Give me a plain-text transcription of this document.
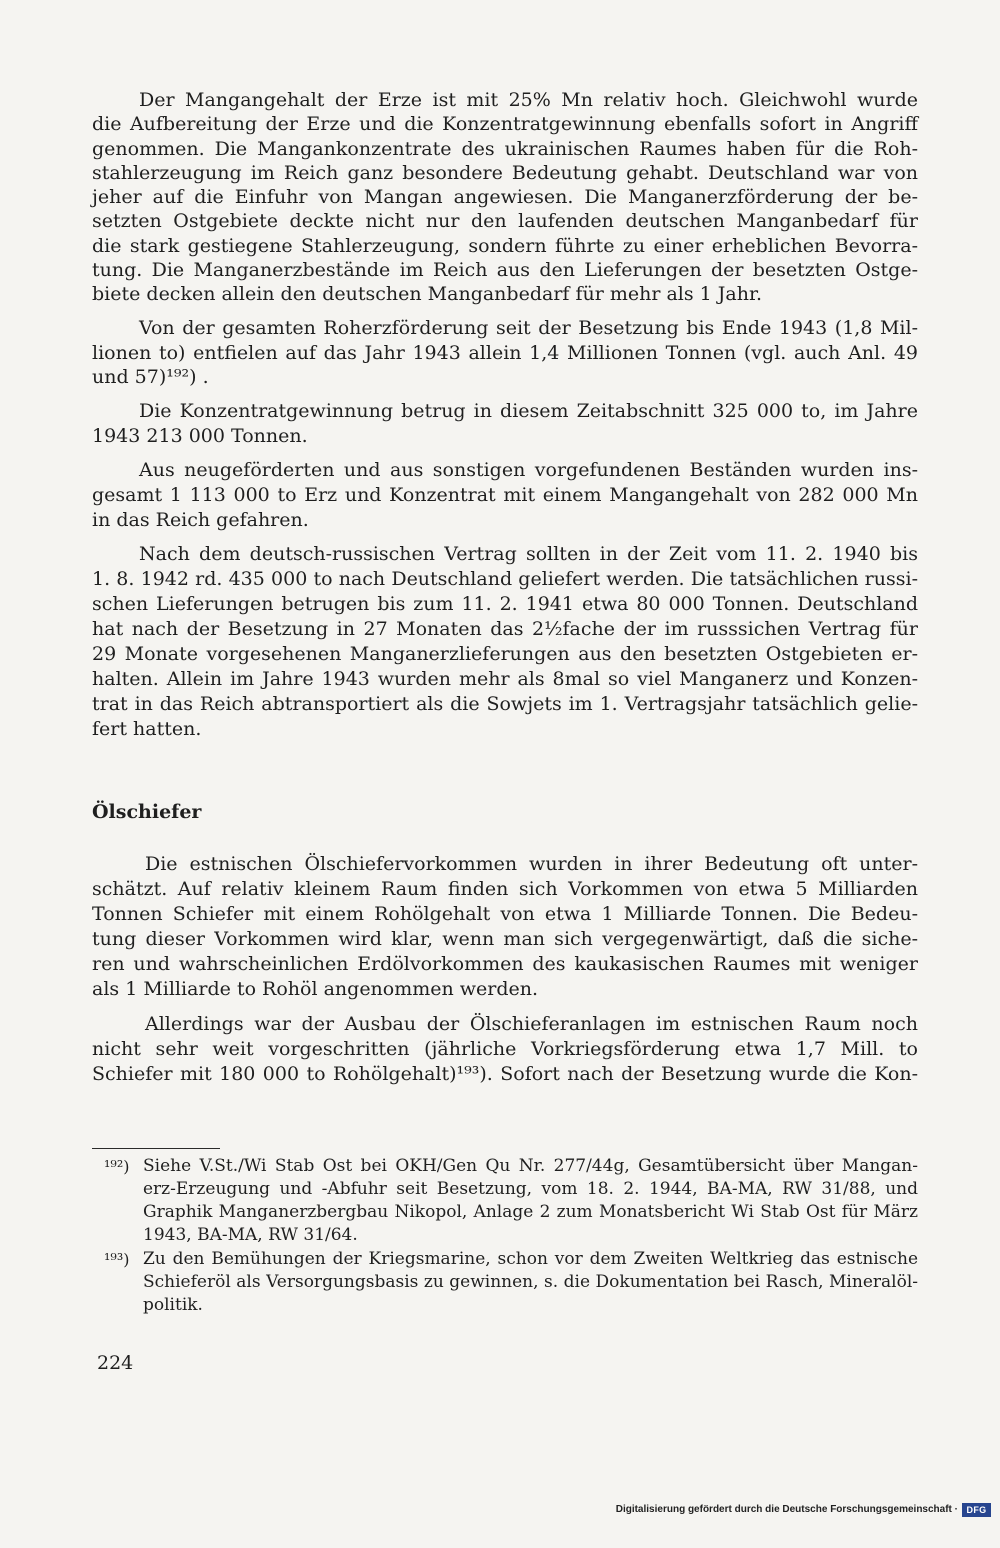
Der Mangangehalt der Erze ist mit 25% Mn relativ hoch. Gleichwohl wurde
die Aufbereitung der Erze und die Konzentratgewinnung ebenfalls sofort in Angriff
genommen. Die Mangankonzentrate des ukrainischen Raumes haben für die Roh-
stahlerzeugung im Reich ganz besondere Bedeutung gehabt. Deutschland war von
jeher auf die Einfuhr von Mangan angewiesen. Die Manganerzförderung der be-
setzten Ostgebiete deckte nicht nur den laufenden deutschen Manganbedarf für
die stark gestiegene Stahlerzeugung, sondern führte zu einer erheblichen Bevorra-
tung. Die Manganerzbestände im Reich aus den Lieferungen der besetzten Ostge-
biete decken allein den deutschen Manganbedarf für mehr als 1 Jahr.
Von der gesamten Roherzförderung seit der Besetzung bis Ende 1943 (1,8 Mil-
lionen to) entfielen auf das Jahr 1943 allein 1,4 Millionen Tonnen (vgl. auch Anl. 49
und 57)¹⁹²) .
Die Konzentratgewinnung betrug in diesem Zeitabschnitt 325 000 to, im Jahre
1943 213 000 Tonnen.
Aus neugeförderten und aus sonstigen vorgefundenen Beständen wurden ins-
gesamt 1 113 000 to Erz und Konzentrat mit einem Mangangehalt von 282 000 Mn
in das Reich gefahren.
Nach dem deutsch-russischen Vertrag sollten in der Zeit vom 11. 2. 1940 bis
1. 8. 1942 rd. 435 000 to nach Deutschland geliefert werden. Die tatsächlichen russi-
schen Lieferungen betrugen bis zum 11. 2. 1941 etwa 80 000 Tonnen. Deutschland
hat nach der Besetzung in 27 Monaten das 2½fache der im russsichen Vertrag für
29 Monate vorgesehenen Manganerzlieferungen aus den besetzten Ostgebieten er-
halten. Allein im Jahre 1943 wurden mehr als 8mal so viel Manganerz und Konzen-
trat in das Reich abtransportiert als die Sowjets im 1. Vertragsjahr tatsächlich gelie-
fert hatten.
Ölschiefer
Die estnischen Ölschiefervorkommen wurden in ihrer Bedeutung oft unter-
schätzt. Auf relativ kleinem Raum finden sich Vorkommen von etwa 5 Milliarden
Tonnen Schiefer mit einem Rohölgehalt von etwa 1 Milliarde Tonnen. Die Bedeu-
tung dieser Vorkommen wird klar, wenn man sich vergegenwärtigt, daß die siche-
ren und wahrscheinlichen Erdölvorkommen des kaukasischen Raumes mit weniger
als 1 Milliarde to Rohöl angenommen werden.
Allerdings war der Ausbau der Ölschieferanlagen im estnischen Raum noch
nicht sehr weit vorgeschritten (jährliche Vorkriegsförderung etwa 1,7 Mill. to
Schiefer mit 180 000 to Rohölgehalt)¹⁹³). Sofort nach der Besetzung wurde die Kon-
¹⁹²) Siehe V.St./Wi Stab Ost bei OKH/Gen Qu Nr. 277/44g, Gesamtübersicht über Mangan-
erz-Erzeugung und -Abfuhr seit Besetzung, vom 18. 2. 1944, BA-MA, RW 31/88, und
Graphik Manganerzbergbau Nikopol, Anlage 2 zum Monatsbericht Wi Stab Ost für März
1943, BA-MA, RW 31/64.
¹⁹³) Zu den Bemühungen der Kriegsmarine, schon vor dem Zweiten Weltkrieg das estnische
Schieferöl als Versorgungsbasis zu gewinnen, s. die Dokumentation bei Rasch, Mineralöl-
politik.
224
Digitalisierung gefördert durch die Deutsche Forschungsgemeinschaft · DFG
